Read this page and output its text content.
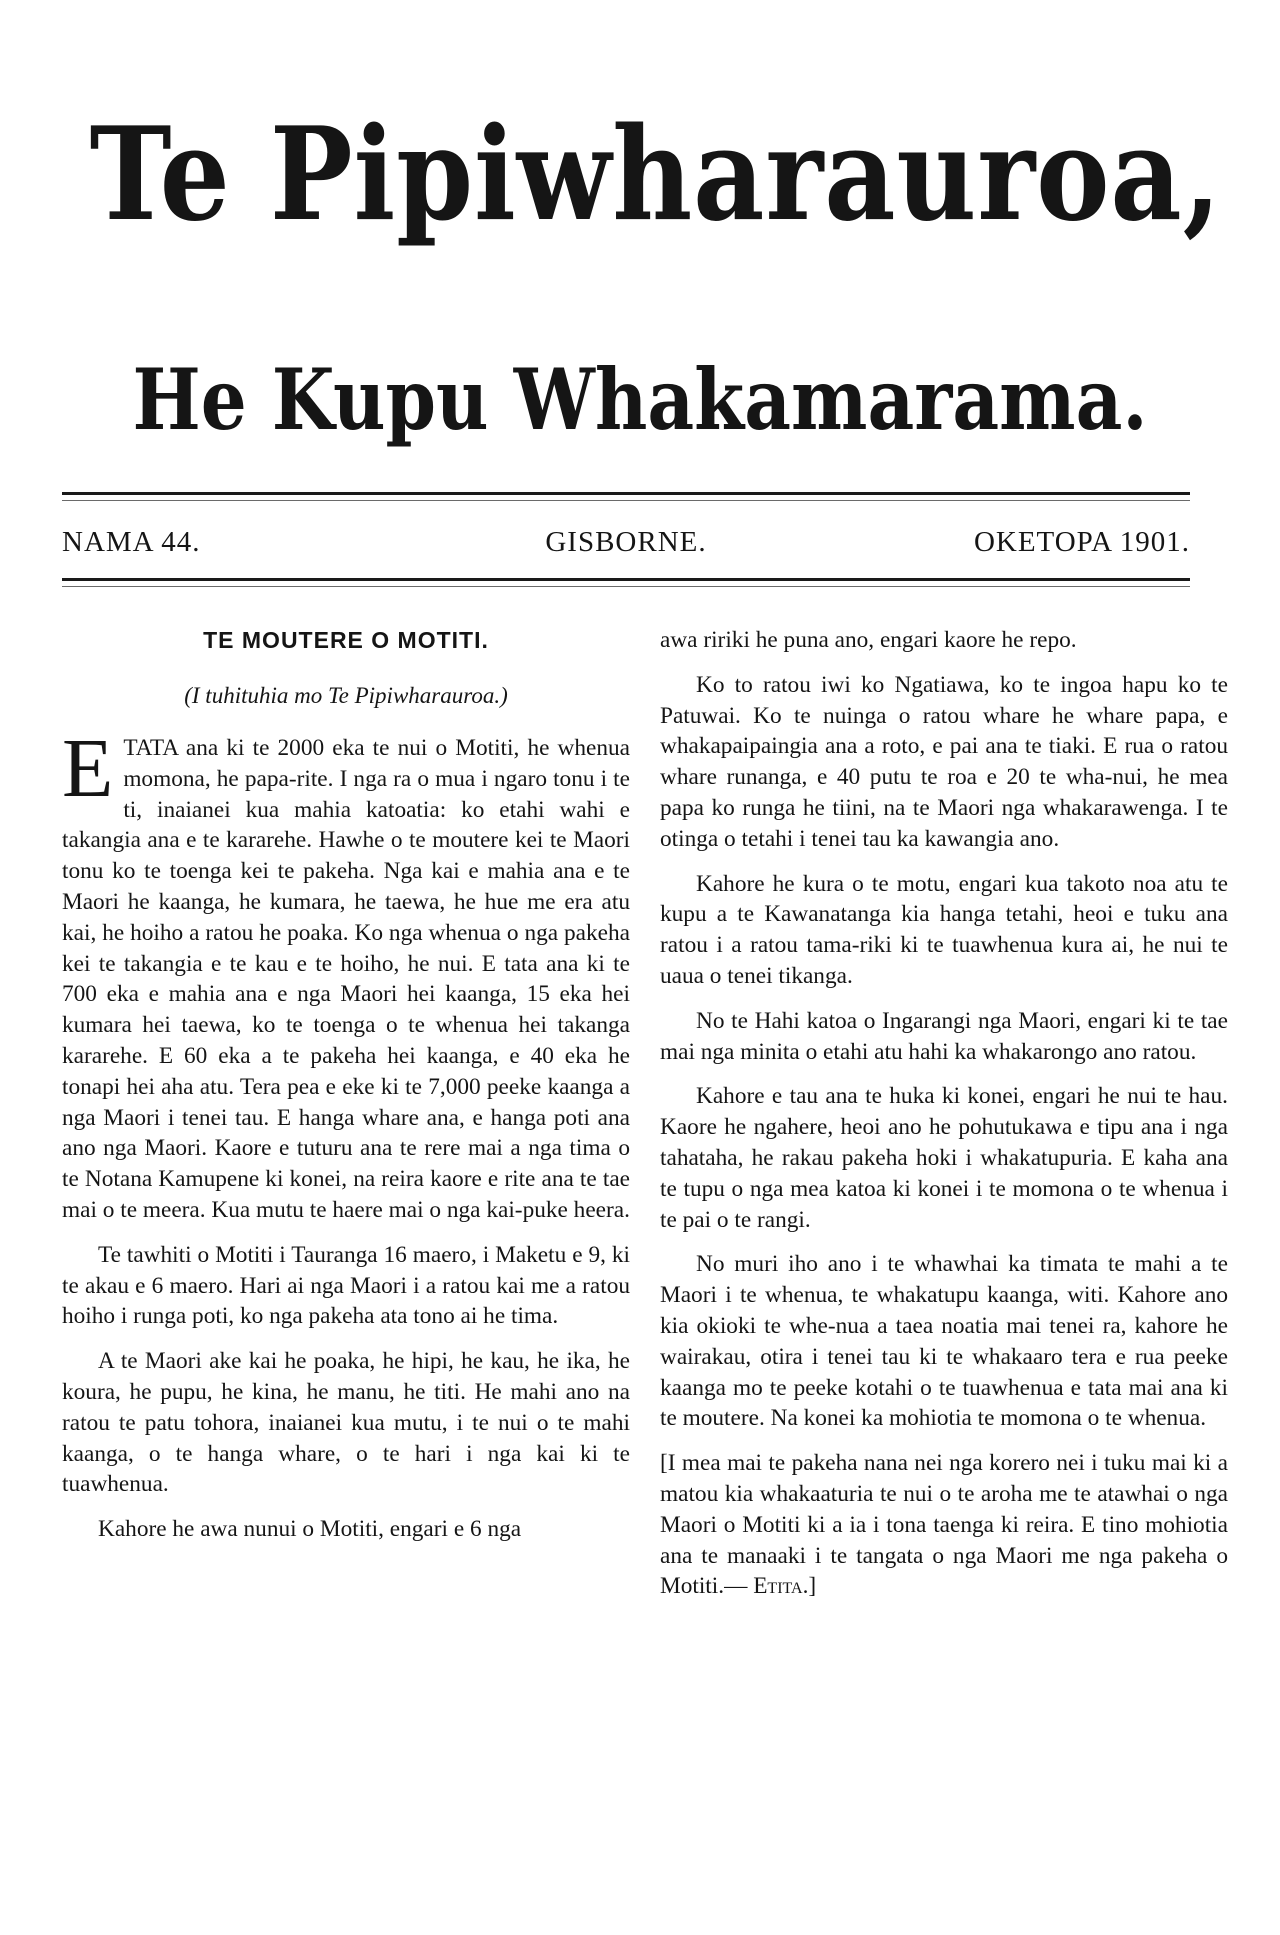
Te Pipiwharauroa,
He Kupu Whakamarama.
NAMA 44.	GISBORNE.	OKETOPA 1901.
TE MOUTERE O MOTITI.
(I tuhituhia mo Te Pipiwharauroa.)

ETATA ana ki te 2000 eka te nui o Motiti, he whenua momona, he papa-rite. I nga ra o mua i ngaro tonu i te ti, inaianei kua mahia katoatia: ko etahi wahi e takangia ana e te kararehe. Hawhe o te moutere kei te Maori tonu ko te toenga kei te pakeha. Nga kai e mahia ana e te Maori he kaanga, he kumara, he taewa, he hue me era atu kai, he hoiho a ratou he poaka. Ko nga whenua o nga pakeha kei te takangia e te kau e te hoiho, he nui. E tata ana ki te 700 eka e mahia ana e nga Maori hei kaanga, 15 eka hei kumara hei taewa, ko te toenga o te whenua hei takanga kararehe. E 60 eka a te pakeha hei kaanga, e 40 eka he tonapi hei aha atu. Tera pea e eke ki te 7,000 peeke kaanga a nga Maori i tenei tau. E hanga whare ana, e hanga poti ana ano nga Maori. Kaore e tuturu ana te rere mai a nga tima o te Notana Kamupene ki konei, na reira kaore e rite ana te tae mai o te meera. Kua mutu te haere mai o nga kai-puke heera.

Te tawhiti o Motiti i Tauranga 16 maero, i Maketu e 9, ki te akau e 6 maero. Hari ai nga Maori i a ratou kai me a ratou hoiho i runga poti, ko nga pakeha ata tono ai he tima.

A te Maori ake kai he poaka, he hipi, he kau, he ika, he koura, he pupu, he kina, he manu, he titi. He mahi ano na ratou te patu tohora, inaianei kua mutu, i te nui o te mahi kaanga, o te hanga whare, o te hari i nga kai ki te tuawhenua.

Kahore he awa nunui o Motiti, engari e 6 nga

awa ririki he puna ano, engari kaore he repo.

Ko to ratou iwi ko Ngatiawa, ko te ingoa hapu ko te Patuwai. Ko te nuinga o ratou whare he whare papa, e whakapaipaingia ana a roto, e pai ana te tiaki. E rua o ratou whare runanga, e 40 putu te roa e 20 te wha-nui, he mea papa ko runga he tiini, na te Maori nga whakarawenga. I te otinga o tetahi i tenei tau ka kawangia ano.

Kahore he kura o te motu, engari kua takoto noa atu te kupu a te Kawanatanga kia hanga tetahi, heoi e tuku ana ratou i a ratou tama-riki ki te tuawhenua kura ai, he nui te uaua o tenei tikanga.

No te Hahi katoa o Ingarangi nga Maori, engari ki te tae mai nga minita o etahi atu hahi ka whakarongo ano ratou.

Kahore e tau ana te huka ki konei, engari he nui te hau. Kaore he ngahere, heoi ano he pohutukawa e tipu ana i nga tahataha, he rakau pakeha hoki i whakatupuria. E kaha ana te tupu o nga mea katoa ki konei i te momona o te whenua i te pai o te rangi.

No muri iho ano i te whawhai ka timata te mahi a te Maori i te whenua, te whakatupu kaanga, witi. Kahore ano kia okioki te whe-nua a taea noatia mai tenei ra, kahore he wairakau, otira i tenei tau ki te whakaaro tera e rua peeke kaanga mo te peeke kotahi o te tuawhenua e tata mai ana ki te moutere. Na konei ka mohiotia te momona o te whenua.

[I mea mai te pakeha nana nei nga korero nei i tuku mai ki a matou kia whakaaturia te nui o te aroha me te atawhai o nga Maori o Motiti ki a ia i tona taenga ki reira. E tino mohiotia ana te manaaki i te tangata o nga Maori me nga pakeha o Motiti.— Etita.]
